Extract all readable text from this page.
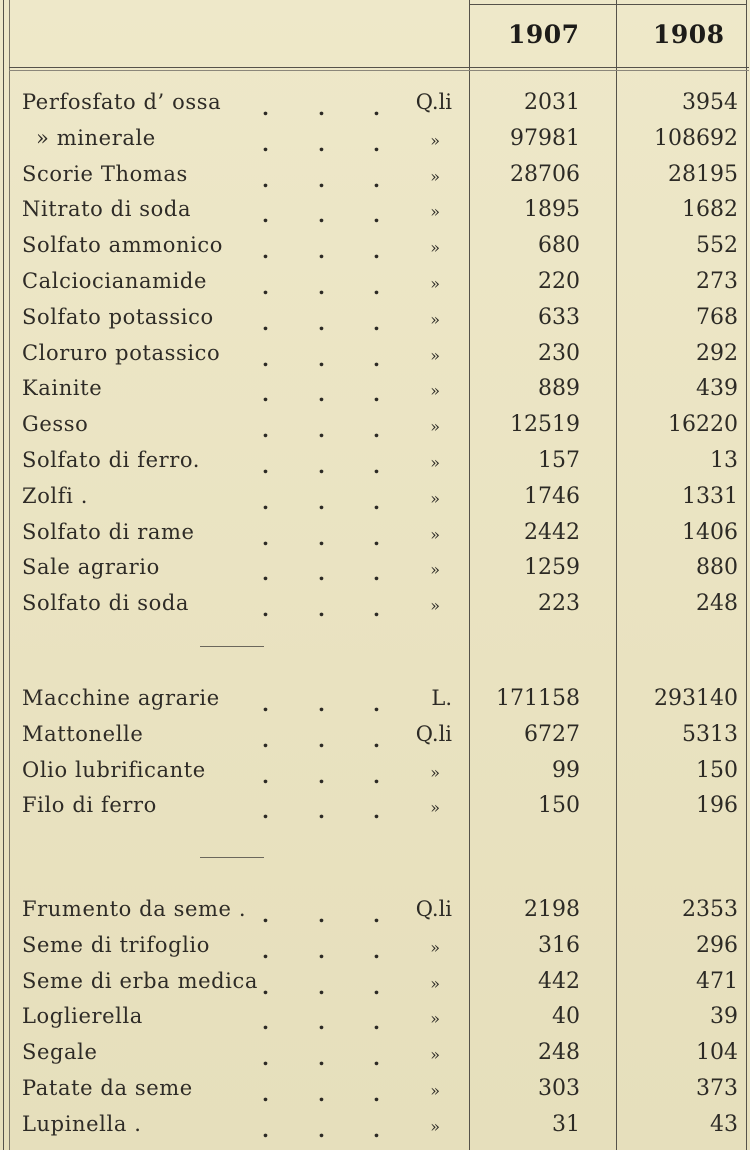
1907	1908
Perfosfato d’ ossa . . . Q.li	2031	3954
» minerale	. . .	»	97981	108692
Scorie Thomas	. . .	»	28706	28195
Nitrato di soda	. . .	»	1895	1682
Solfato ammonico . . .	»	680	552
Calciocianamide	. . .	»	220	273
Solfato potassico . . .	»	633	768
Cloruro potassico . . .	»	230	292
Kainite	. . .	»	889	439
Gesso	. . .	»	12519	16220
Solfato di ferro.	. . .	»	157	13
Zolfi .	. . .	»	1746	1331
Solfato di rame	. . .	»	2442	1406
Sale agrario	. . .	»	1259	880
Solfato di soda	. . .	»	223	248
Macchine agrarie . . . L. 171158	293140
Mattonelle	. . . Q.li	6727	5313
Olio lubrificante	. . .	»	99	150
Filo di ferro	. . .	»	150	196
Frumento da seme . . . . Q.li	2198	2353
Seme di trifoglio	. . .	»	316	296
Seme di erba medica . . .	»	442	471
Loglierella	. . .	»	40	39
Segale	. . .	»	248	104
Patate da seme	. . .	»	303	373
Lupinella .	. . .	»	31	43
